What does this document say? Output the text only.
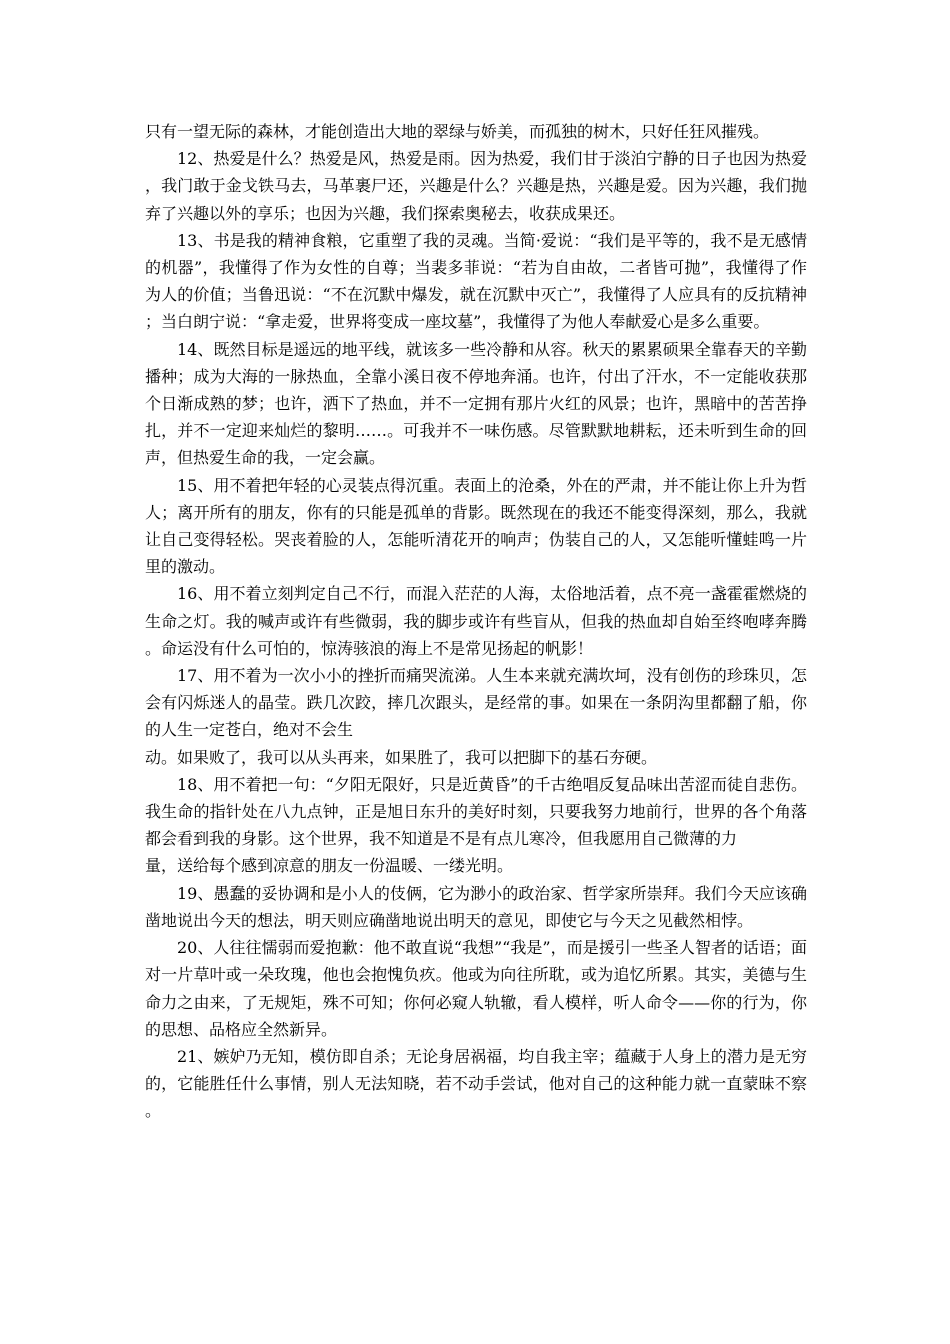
只有一望无际的森林，才能创造出大地的翠绿与娇美，而孤独的树木，只好任狂风摧残。

12、热爱是什么？热爱是风，热爱是雨。因为热爱，我们甘于淡泊宁静的日子也因为热爱，我门敢于金戈铁马去，马革裹尸还，兴趣是什么？兴趣是热，兴趣是爱。因为兴趣，我们抛弃了兴趣以外的享乐；也因为兴趣，我们探索奥秘去，收获成果还。

13、书是我的精神食粮，它重塑了我的灵魂。当简·爱说：“我们是平等的，我不是无感情的机器”，我懂得了作为女性的自尊；当裴多菲说：“若为自由故，二者皆可抛”，我懂得了作为人的价值；当鲁迅说：“不在沉默中爆发，就在沉默中灭亡”，我懂得了人应具有的反抗精神；当白朗宁说：“拿走爱，世界将变成一座坟墓”，我懂得了为他人奉献爱心是多么重要。

14、既然目标是遥远的地平线，就该多一些冷静和从容。秋天的累累硕果全靠春天的辛勤播种；成为大海的一脉热血，全靠小溪日夜不停地奔涌。也许，付出了汗水，不一定能收获那个日渐成熟的梦；也许，洒下了热血，并不一定拥有那片火红的风景；也许，黑暗中的苦苦挣扎，并不一定迎来灿烂的黎明……。可我并不一味伤感。尽管默默地耕耘，还未听到生命的回声，但热爱生命的我，一定会赢。

15、用不着把年轻的心灵装点得沉重。表面上的沧桑，外在的严肃，并不能让你上升为哲人；离开所有的朋友，你有的只能是孤单的背影。既然现在的我还不能变得深刻，那么，我就让自己变得轻松。哭丧着脸的人，怎能听清花开的响声；伪装自己的人，又怎能听懂蛙鸣一片里的激动。

16、用不着立刻判定自己不行，而混入茫茫的人海，太俗地活着，点不亮一盏霍霍燃烧的生命之灯。我的喊声或许有些微弱，我的脚步或许有些盲从，但我的热血却自始至终咆哮奔腾。命运没有什么可怕的，惊涛骇浪的海上不是常见扬起的帆影！

17、用不着为一次小小的挫折而痛哭流涕。人生本来就充满坎坷，没有创伤的珍珠贝，怎会有闪烁迷人的晶莹。跌几次跤，摔几次跟头，是经常的事。如果在一条阴沟里都翻了船，你的人生一定苍白，绝对不会生
动。如果败了，我可以从头再来，如果胜了，我可以把脚下的基石夯硬。

18、用不着把一句：“夕阳无限好，只是近黄昏”的千古绝唱反复品味出苦涩而徒自悲伤。我生命的指针处在八九点钟，正是旭日东升的美好时刻，只要我努力地前行，世界的各个角落都会看到我的身影。这个世界，我不知道是不是有点儿寒冷，但我愿用自己微薄的力
量，送给每个感到凉意的朋友一份温暖、一缕光明。

19、愚蠢的妥协调和是小人的伎俩，它为渺小的政治家、哲学家所崇拜。我们今天应该确凿地说出今天的想法，明天则应确凿地说出明天的意见，即使它与今天之见截然相悖。

20、人往往懦弱而爱抱歉：他不敢直说“我想”“我是”，而是援引一些圣人智者的话语；面对一片草叶或一朵玫瑰，他也会抱愧负疚。他或为向往所耽，或为追忆所累。其实，美德与生命力之由来，了无规矩，殊不可知；你何必窥人轨辙，看人模样，听人命令——你的行为，你的思想、品格应全然新异。

21、嫉妒乃无知，模仿即自杀；无论身居祸福，均自我主宰；蕴藏于人身上的潜力是无穷的，它能胜任什么事情，别人无法知晓，若不动手尝试，他对自己的这种能力就一直蒙昧不察。
